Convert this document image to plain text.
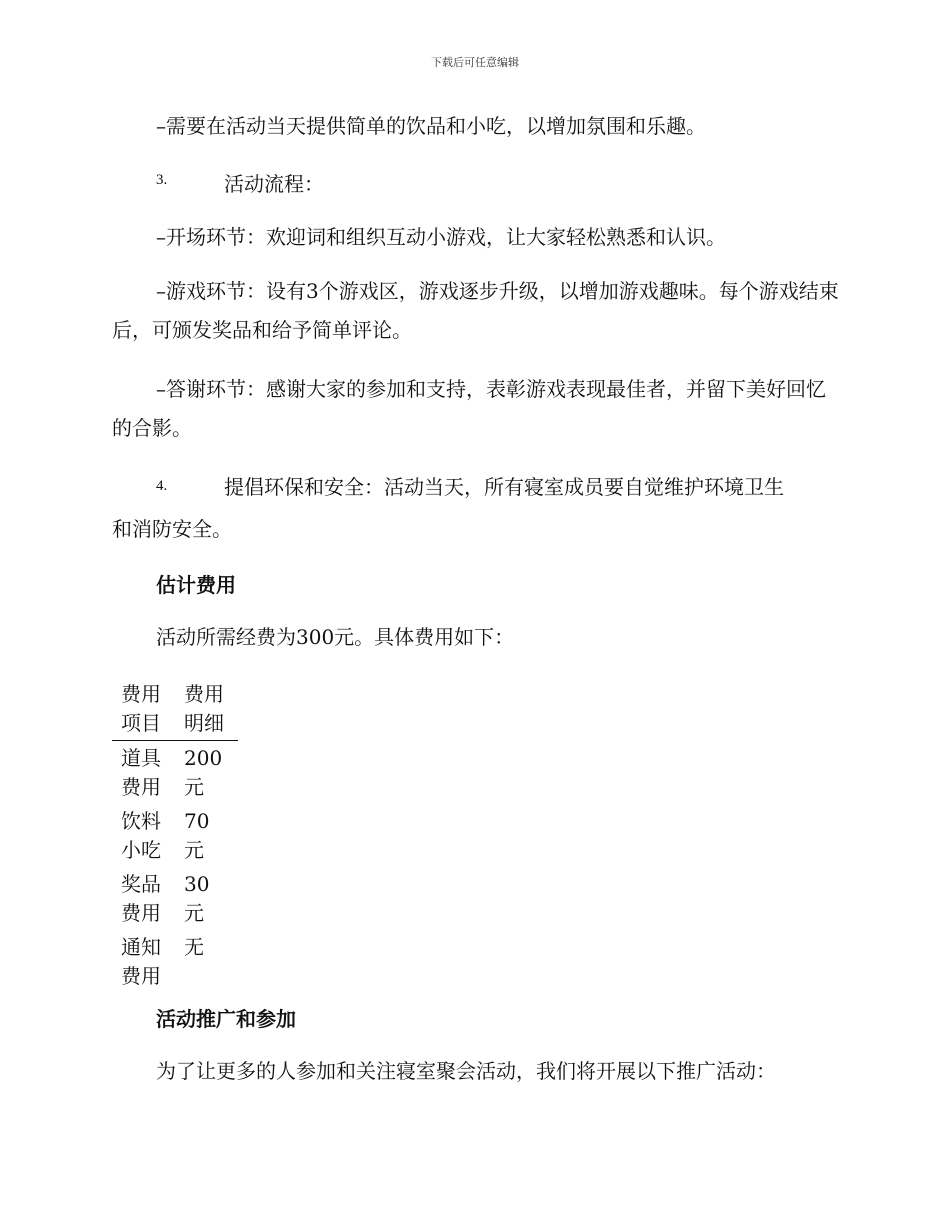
下载后可任意编辑

–需要在活动当天提供简单的饮品和小吃，以增加氛围和乐趣。

3.	活动流程：

–开场环节：欢迎词和组织互动小游戏，让大家轻松熟悉和认识。

–游戏环节：设有3个游戏区，游戏逐步升级，以增加游戏趣味。每个游戏结束后，可颁发奖品和给予简单评论。

–答谢环节：感谢大家的参加和支持，表彰游戏表现最佳者，并留下美好回忆的合影。

4.	提倡环保和安全：活动当天，所有寝室成员要自觉维护环境卫生

和消防安全。

估计费用

活动所需经费为300元。具体费用如下：

费用项目	费用明细
道具费用	200元
饮料小吃	70元
奖品费用	30元
通知费用	无
活动推广和参加

为了让更多的人参加和关注寝室聚会活动，我们将开展以下推广活动：
